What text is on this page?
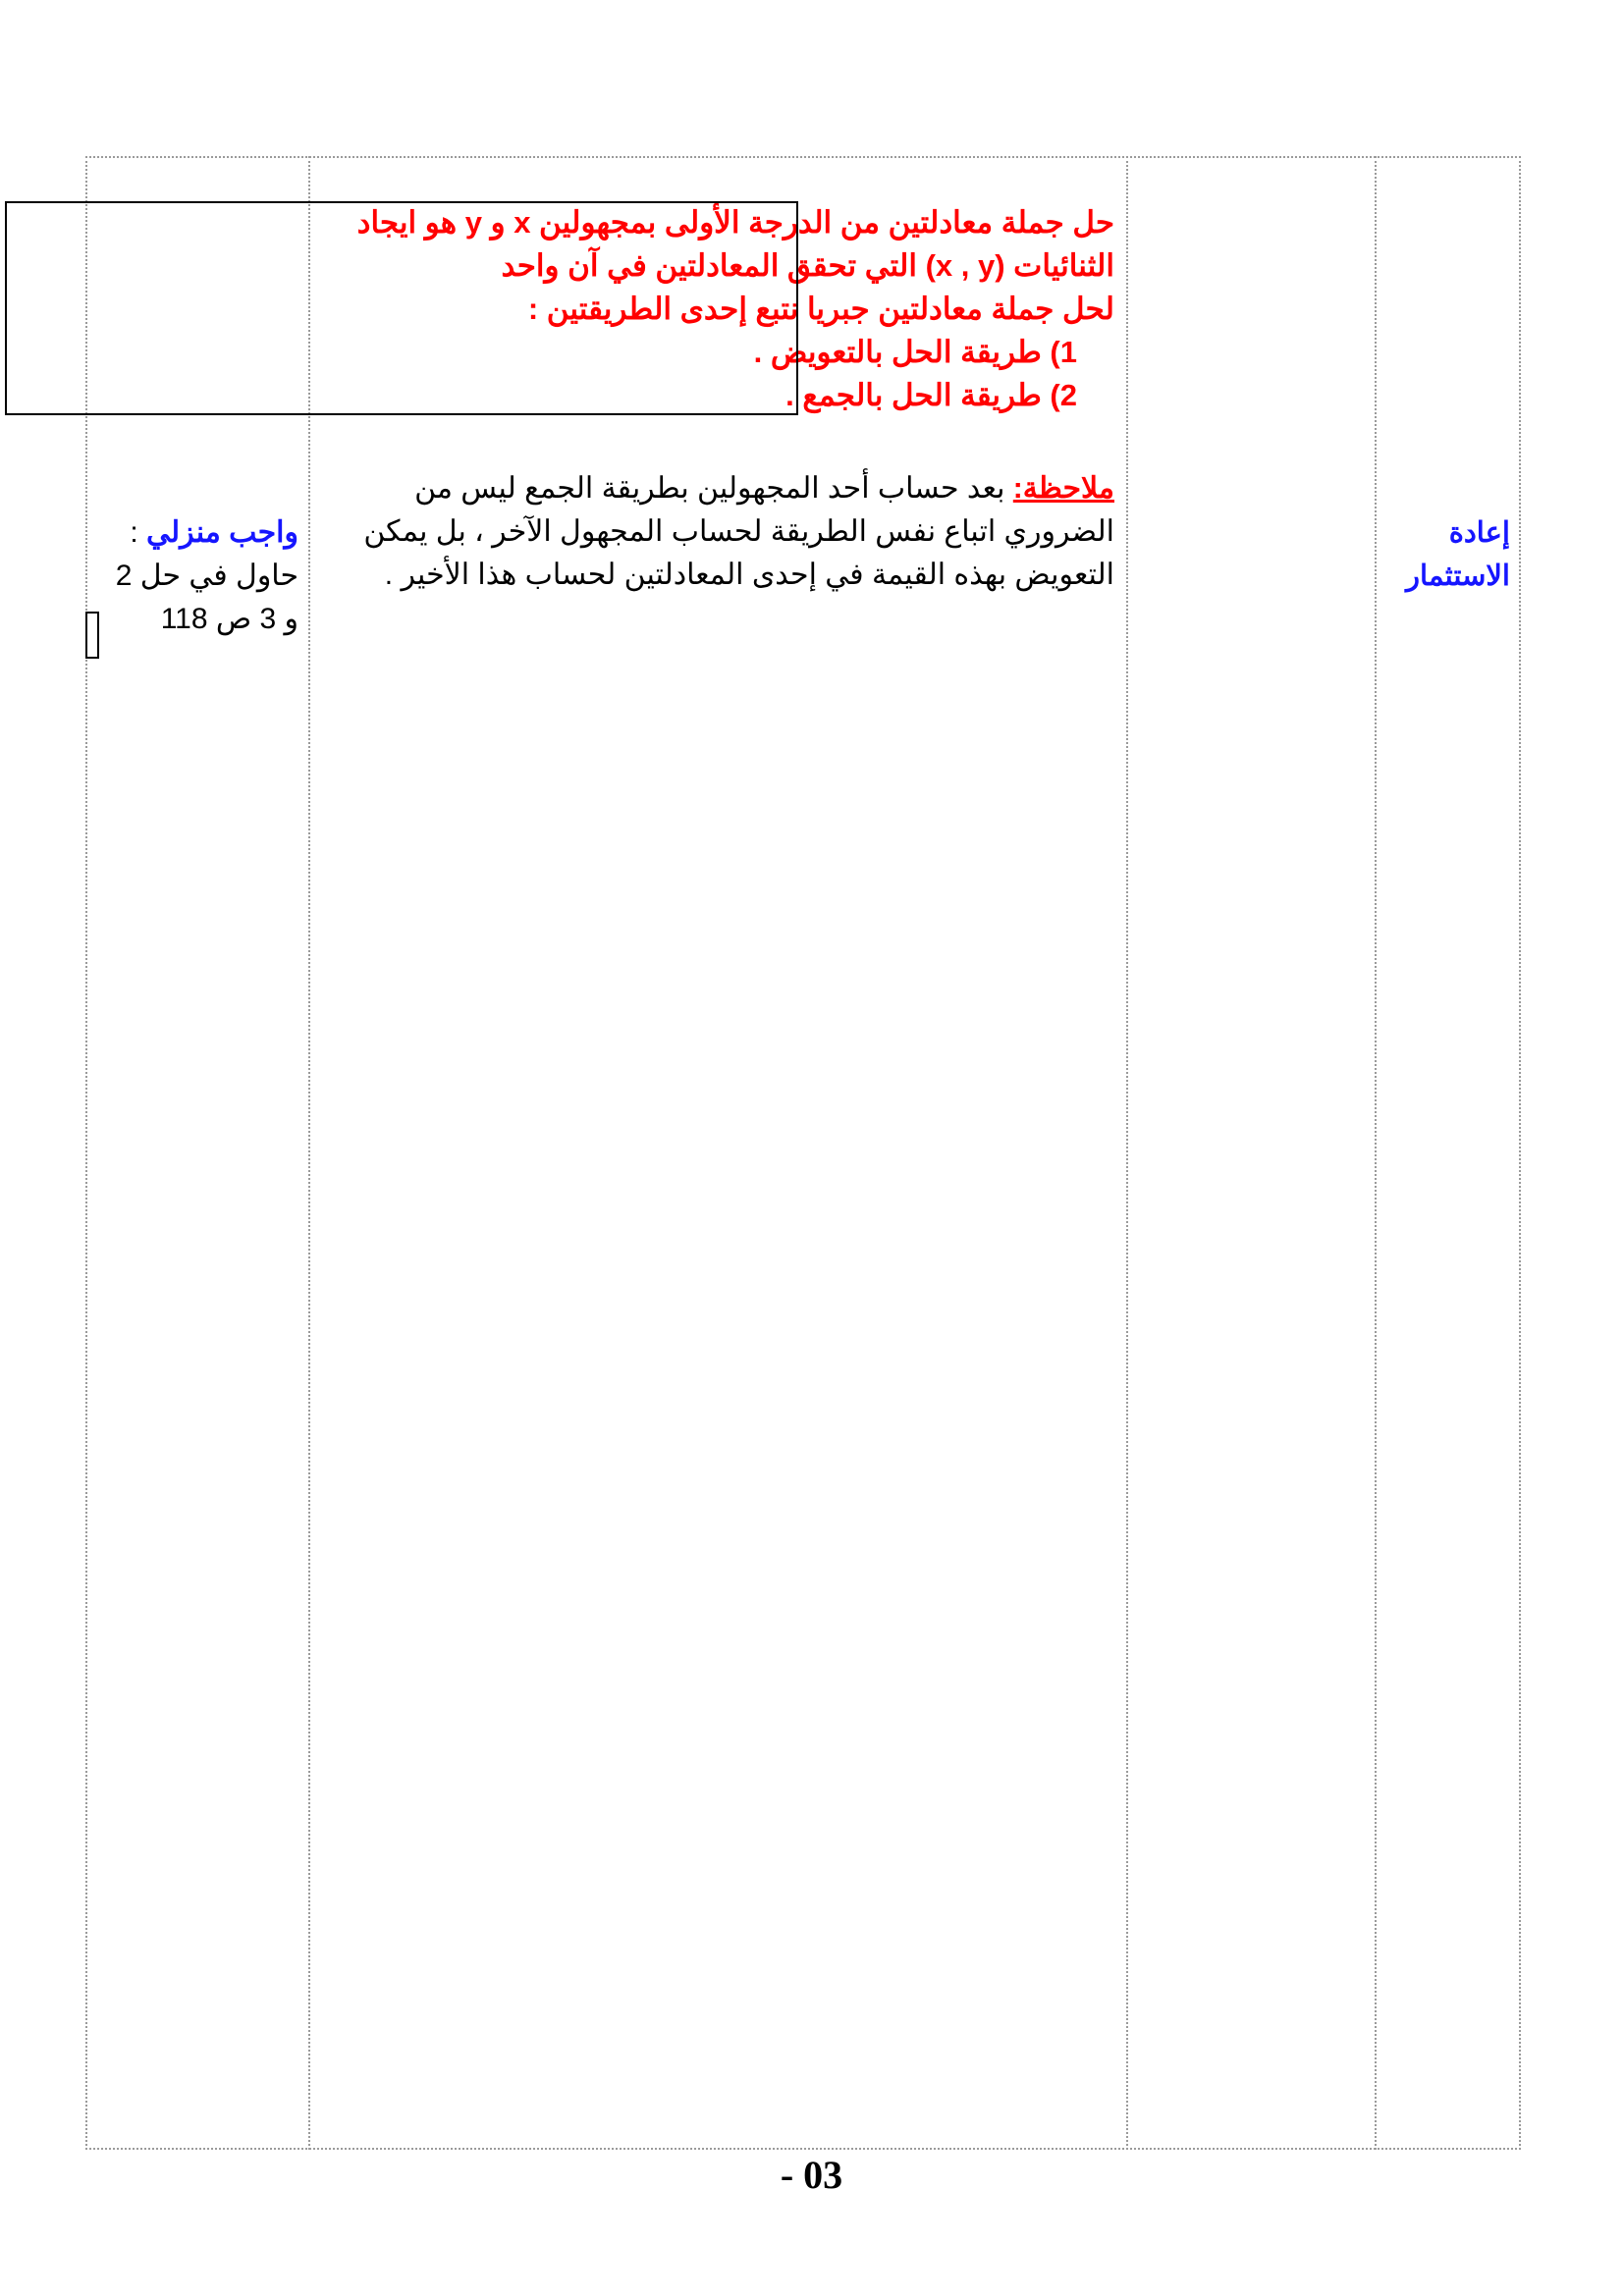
حل جملة معادلتين من الدرجة الأولى بمجهولين x و y هو ايجاد
الثنائيات (x , y) التي تحقق المعادلتين في آن واحد
لحل جملة معادلتين جبريا نتبع إحدى الطريقتين :
1) طريقة الحل بالتعويض .
2) طريقة الحل بالجمع .
ملاحظة: بعد حساب أحد المجهولين بطريقة الجمع ليس من الضروري اتباع نفس الطريقة لحساب المجهول الآخر ، بل يمكن التعويض بهذه القيمة في إحدى المعادلتين لحساب هذا الأخير .
إعادة
الاستثمار
واجب منزلي : حاول في حل 2 و 3 ص 118
- 03
